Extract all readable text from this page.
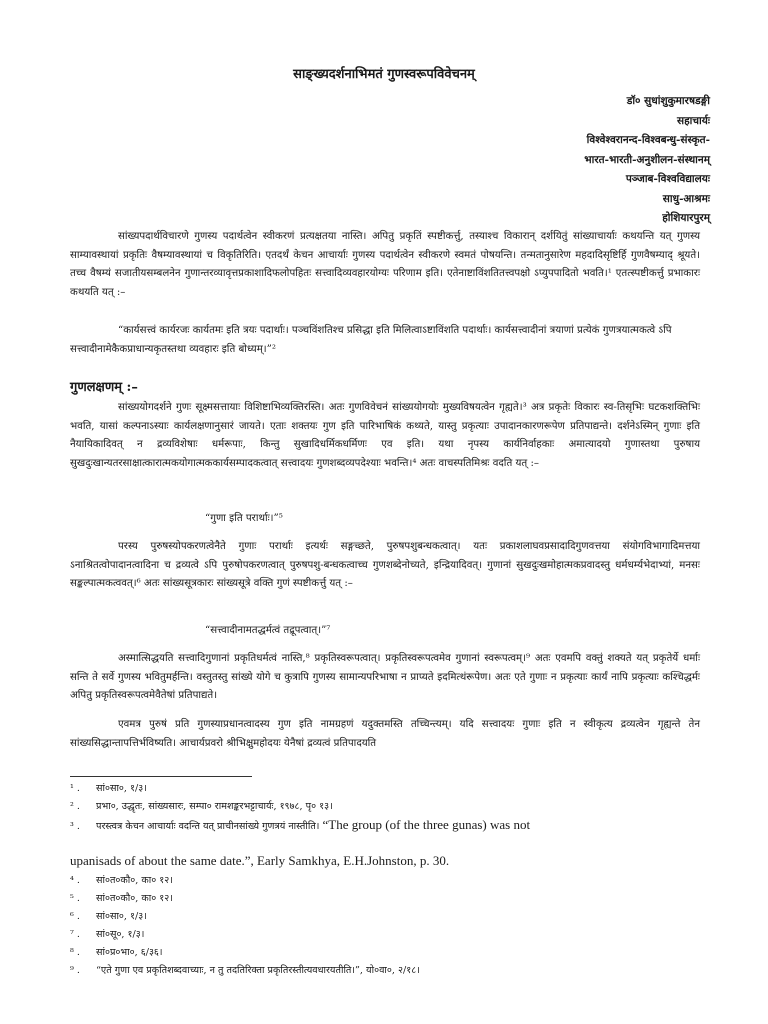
साङ्ख्यदर्शनाभिमतं गुणस्वरूपविवेचनम्
डॉ० सुधांशुकुमारषडङ्गी
सहाचार्यः
विश्वेश्वरानन्द-विश्वबन्धु-संस्कृत-
भारत-भारती-अनुशीलन-संस्थानम्
पञ्जाब-विश्वविद्यालयः
साधु-आश्रमः
होशियारपुरम्
सांख्यपदार्थविचारणे गुणस्य पदार्थत्वेन स्वीकरणं प्रत्यक्षतया नास्ति। अपितु प्रकृतिं स्पष्टीकर्त्तु, तस्याश्च विकारान् दर्शयितुं सांख्याचार्याः कथयन्ति यत् गुणस्य साम्यावस्थायां प्रकृतिः वैषम्यावस्थायां च विकृतिरिति। एतदर्थं केचन आचार्याः गुणस्य पदार्थत्वेन स्वीकरणे स्वमतं पोषयन्ति। तन्मतानुसारेण महदादिसृष्टिर्हि गुणवैषम्याद् श्रूयते। तच्च वैषम्यं सजातीयसम्बलनेन गुणान्तरव्यावृत्तप्रकाशादिफलोपहितः सत्त्वादिव्यवहारयोग्यः परिणाम इति। एतेनाष्टाविंशतितत्त्वपक्षो ऽप्युपपादितो भवति।¹ एतत्स्पष्टीकर्त्तु प्रभाकारः कथयति यत् :–
“कार्यसत्त्वं कार्यरजः कार्यतमः इति त्रयः पदार्थाः। पञ्चविंशतिश्च प्रसिद्धा इति मिलित्वाऽष्टाविंशति पदार्थाः। कार्यसत्त्वादीनां त्रयाणां प्रत्येकं गुणत्रयात्मकत्वे ऽपि सत्त्वादीनामेकैकप्राधान्यकृतस्तथा व्यवहारः इति बोध्यम्।”²
गुणलक्षणम् :–
सांख्ययोगदर्शने गुणः सूक्ष्मसत्तायाः विशिष्टाभिव्यक्तिरस्ति। अतः गुणविवेचनं सांख्ययोगयोः मुख्यविषयत्वेन गृह्यते।³ अत्र प्रकृतेः विकारः स्व-तिसृभिः घटकशक्तिभिः भवति, यासां कल्पनाऽस्याः कार्यलक्षणानुसारं जायते। एताः शक्तयः गुण इति पारिभाषिकं कथ्यते, यास्तु प्रकृत्याः उपादानकारणरूपेण प्रतिपाद्यन्ते। दर्शनेऽस्मिन् गुणाः इति नैयायिकादिवत् न द्रव्यविशेषाः धर्मरूपाः, किन्तु सुखादिधर्मिकधर्मिणः एव इति। यथा नृपस्य कार्यनिर्वाहकाः अमात्यादयो गुणास्तथा पुरुषाय सुखदुःखान्यतरसाक्षात्कारात्मकयोगात्मककार्यसम्पादकत्वात् सत्त्वादयः गुणशब्दव्यपदेश्याः भवन्ति।⁴ अतः वाचस्पतिमिश्रः वदति यत् :–
“गुणा इति परार्थाः।”⁵
परस्य पुरुषस्योपकरणत्वेनैते गुणाः परार्थाः इत्यर्थः सङ्गच्छते, पुरुषपशुबन्धकत्वात्। यतः प्रकाशलाघवप्रसादादिगुणवत्तया संयोगविभागादिमत्तया ऽनाश्रितत्वोपादानत्वादिना च द्रव्यत्वे ऽपि पुरुषोपकरणत्वात् पुरुषपशु-बन्धकत्वाच्च गुणशब्देनोच्यते, इन्द्रियादिवत्। गुणानां सुखदुःखमोहात्मकप्रवादस्तु धर्मधर्म्यभेदाभ्यां, मनसः सङ्कल्पात्मकत्ववत्।⁶ अतः सांख्यसूत्रकारः सांख्यसूत्रे वक्ति गुणं स्पष्टीकर्त्तु यत् :–
“सत्त्वादीनामतद्धर्मत्वं तद्रूपत्वात्।”⁷
अस्मात्सिद्धयति सत्त्वादिगुणानां प्रकृतिधर्मत्वं नास्ति,⁸ प्रकृतिस्वरूपत्वात्। प्रकृतिस्वरूपत्वमेव गुणानां स्वरूपत्वम्।⁹ अतः एवमपि वक्तुं शक्यते यत् प्रकृतेर्ये धर्माः सन्ति ते सर्वे गुणस्य भवितुमर्हन्ति। वस्तुतस्तु सांख्ये योगे च कुत्रापि गुणस्य सामान्यपरिभाषा न प्राप्यते इदमित्थंरूपेण। अतः एते गुणाः न प्रकृत्याः कार्यं नापि प्रकृत्याः कश्चिद्धर्मः अपितु प्रकृतिस्वरूपत्वमेवैतेषां प्रतिपाद्यते।
एवमत्र पुरुषं प्रति गुणस्याप्रधानत्वादस्य गुण इति नामग्रहणं यदुक्तमस्ति तच्चिन्त्यम्। यदि सत्त्वादयः गुणाः इति न स्वीकृत्य द्रव्यत्वेन गृह्यन्ते तेन सांख्यसिद्धान्तापत्तिर्भविष्यति। आचार्यप्रवरो श्रीभिक्षुमहोदयः येनैषां द्रव्यत्वं प्रतिपादयति
¹ . सां०सा०, १/३।
² . प्रभा०, उद्धृतः, सांख्यसारः, सम्पा० रामशङ्करभट्टाचार्यः, १९७८, पृ० १३।
³ . परस्त्वत्र केचन आचार्याः वदन्ति यत् प्राचीनसांख्ये गुणत्रयं नास्तीति। “The group (of the three gunas) was not
upanisads of about the same date.”, Early Samkhya, E.H.Johnston, p. 30.
⁴ . सां०त०कौ०, का० १२।
⁵ . सां०त०कौ०, का० १२।
⁶ . सां०सा०, १/३।
⁷ . सां०सू०, १/३।
⁸ . सां०प्र०भा०, ६/३६।
⁹ . “एते गुणा एव प्रकृतिशब्दवाच्याः, न तु तदतिरिक्ता प्रकृतिरस्तीत्यवधारयतीति।”, यो०वा०, २/१८।
